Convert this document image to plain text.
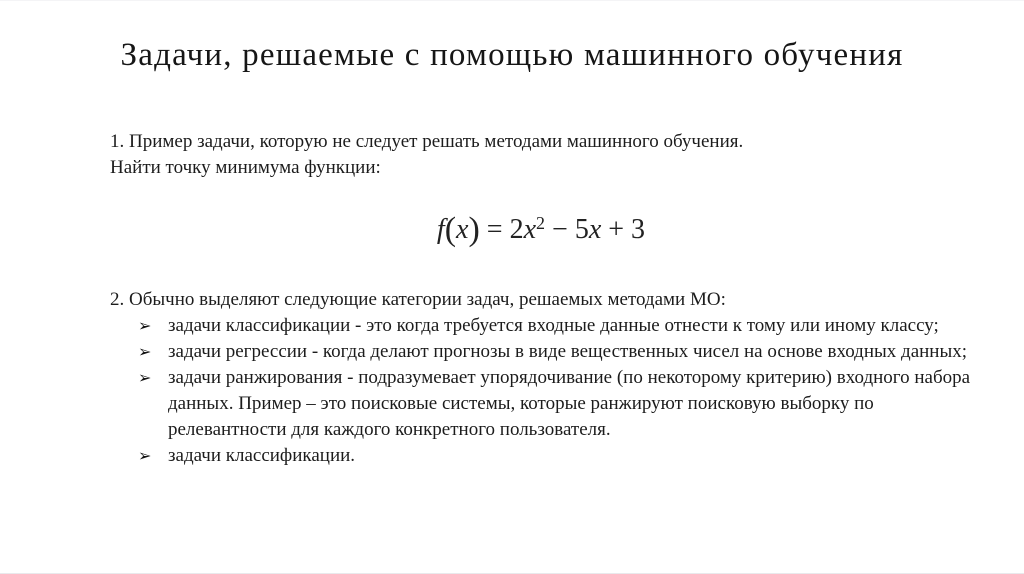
Задачи, решаемые с помощью машинного обучения

1. Пример задачи, которую не следует решать методами машинного обучения.
Найти точку минимума функции:

$f(x) = 2x^2 - 5x + 3$

2. Обычно выделяют следующие категории задач, решаемых методами МО:

➢ задачи классификации - это когда требуется входные данные отнести к тому или иному классу;
➢ задачи регрессии - когда делают прогнозы в виде вещественных чисел на основе входных данных;
➢ задачи ранжирования - подразумевает упорядочивание (по некоторому критерию) входного набора данных. Пример – это поисковые системы, которые ранжируют поисковую выборку по релевантности для каждого конкретного пользователя.
➢ задачи классификации.
